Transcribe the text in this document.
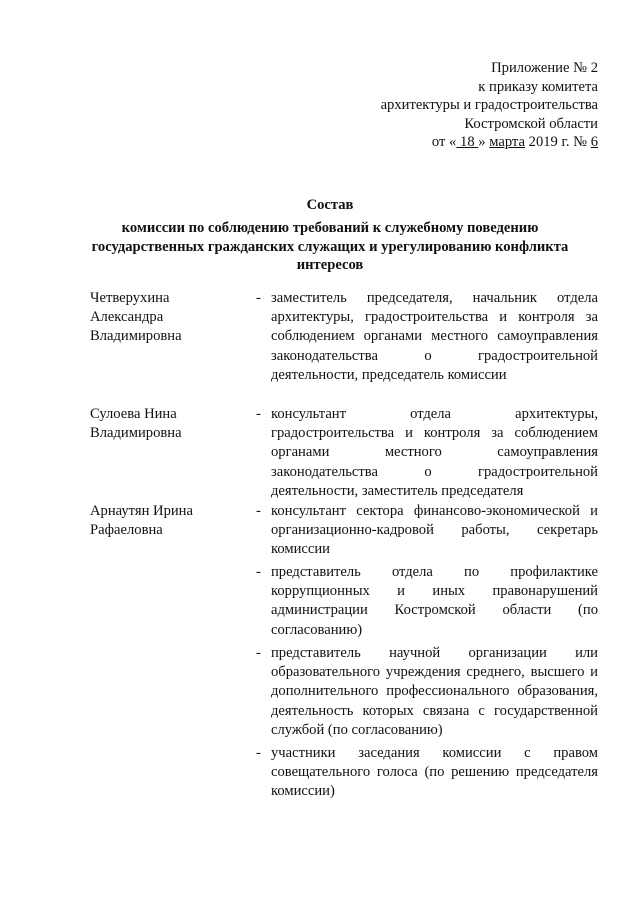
Приложение № 2
к приказу комитета
архитектуры и градостроительства
Костромской области
от « 18 » марта 2019 г. № 6
Состав
комиссии по соблюдению требований к служебному поведению государственных гражданских служащих и урегулированию конфликта интересов
Четверухина Александра Владимировна
- заместитель председателя, начальник отдела архитектуры, градостроительства и контроля за соблюдением органами местного самоуправления законодательства о градостроительной деятельности, председатель комиссии
Сулоева Нина Владимировна
- консультант отдела архитектуры, градостроительства и контроля за соблюдением органами местного самоуправления законодательства о градостроительной деятельности, заместитель председателя
Арнаутян Ирина Рафаеловна
- консультант сектора финансово-экономической и организационно-кадровой работы, секретарь комиссии
- представитель отдела по профилактике коррупционных и иных правонарушений администрации Костромской области (по согласованию)
- представитель научной организации или образовательного учреждения среднего, высшего и дополнительного профессионального образования, деятельность которых связана с государственной службой (по согласованию)
- участники заседания комиссии с правом совещательного голоса (по решению председателя комиссии)
